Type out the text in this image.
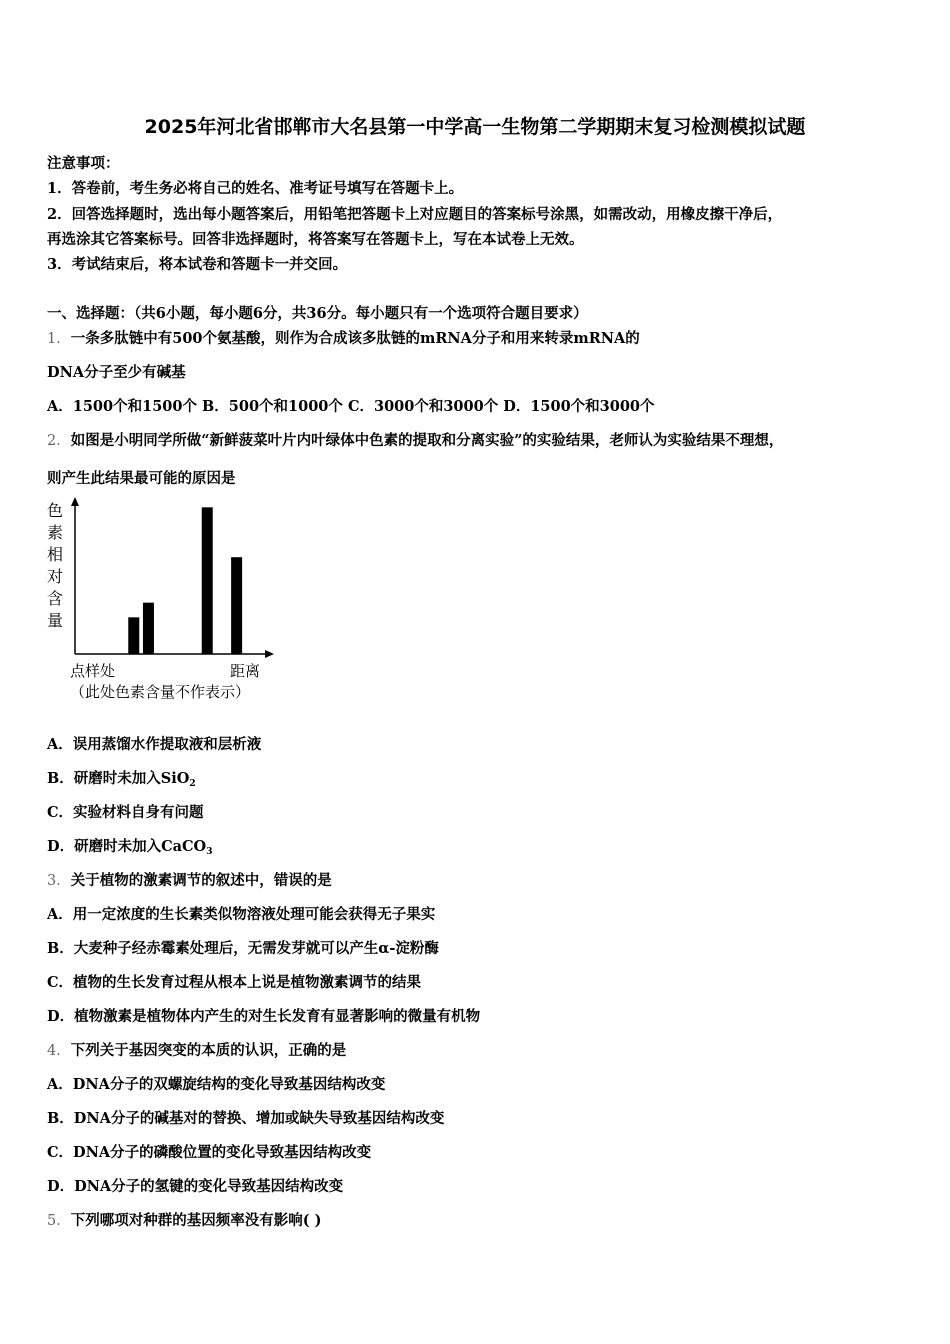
2025年河北省邯郸市大名县第一中学高一生物第二学期期末复习检测模拟试题
注意事项：
1．答卷前，考生务必将自己的姓名、准考证号填写在答题卡上。
2．回答选择题时，选出每小题答案后，用铅笔把答题卡上对应题目的答案标号涂黑，如需改动，用橡皮擦干净后，
再选涂其它答案标号。回答非选择题时，将答案写在答题卡上，写在本试卷上无效。
3．考试结束后，将本试卷和答题卡一并交回。
一、选择题：（共6小题，每小题6分，共36分。每小题只有一个选项符合题目要求）
1．一条多肽链中有500个氨基酸，则作为合成该多肽链的mRNA分子和用来转录mRNA的
DNA分子至少有碱基
A．1500个和1500个 B．500个和1000个 C．3000个和3000个 D．1500个和3000个
2．如图是小明同学所做“新鲜菠菜叶片内叶绿体中色素的提取和分离实验”的实验结果，老师认为实验结果不理想，
则产生此结果最可能的原因是
色
素
相
对
含
量
点样处	距离
（此处色素含量不作表示）
A．误用蒸馏水作提取液和层析液
B．研磨时未加入SiO$_2$
C．实验材料自身有问题
D．研磨时未加入CaCO$_3$
3．关于植物的激素调节的叙述中，错误的是
A．用一定浓度的生长素类似物溶液处理可能会获得无子果实
B．大麦种子经赤霉素处理后，无需发芽就可以产生α-淀粉酶
C．植物的生长发育过程从根本上说是植物激素调节的结果
D．植物激素是植物体内产生的对生长发育有显著影响的微量有机物
4．下列关于基因突变的本质的认识，正确的是
A．DNA分子的双螺旋结构的变化导致基因结构改变
B．DNA分子的碱基对的替换、增加或缺失导致基因结构改变
C．DNA分子的磷酸位置的变化导致基因结构改变
D．DNA分子的氢键的变化导致基因结构改变
5．下列哪项对种群的基因频率没有影响( )
